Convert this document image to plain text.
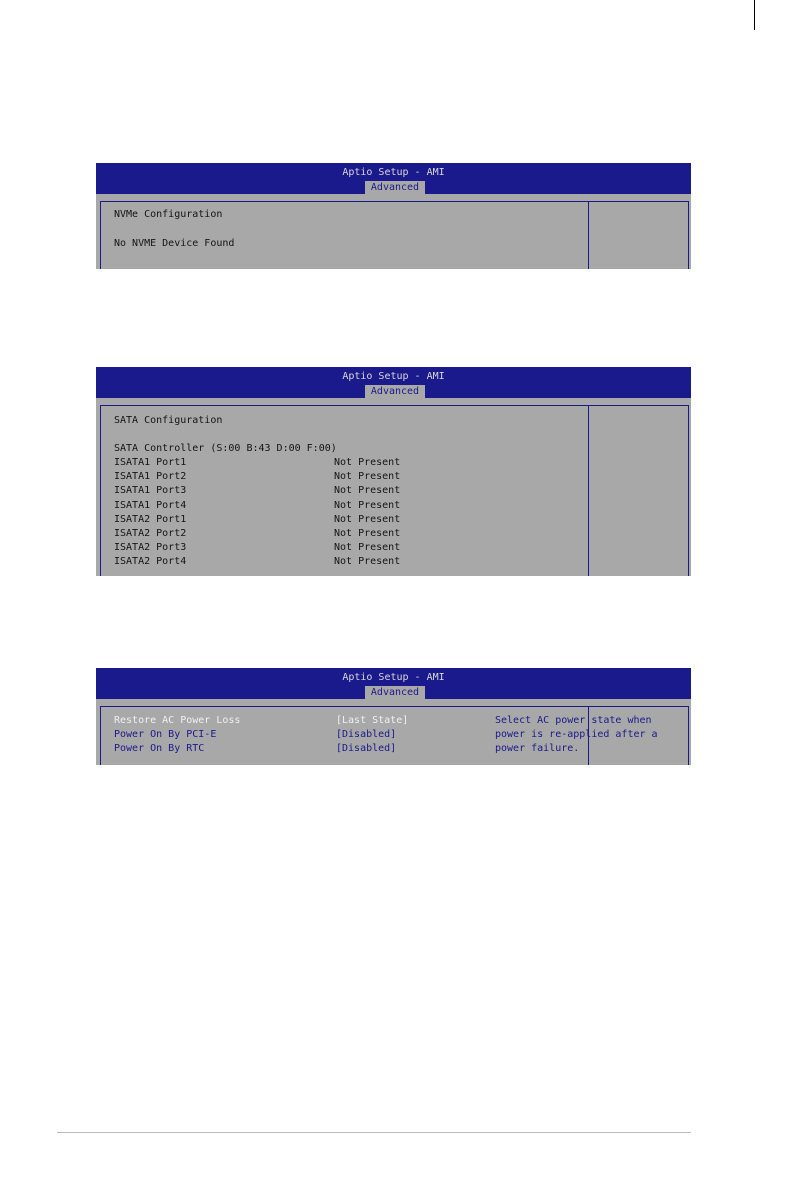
Aptio Setup - AMI
Advanced
NVMe Configuration
No NVME Device Found
Aptio Setup - AMI
Advanced
SATA Configuration
SATA Controller (S:00 B:43 D:00 F:00)
ISATA1 Port1	Not Present
ISATA1 Port2	Not Present
ISATA1 Port3	Not Present
ISATA1 Port4	Not Present
ISATA2 Port1	Not Present
ISATA2 Port2	Not Present
ISATA2 Port3	Not Present
ISATA2 Port4	Not Present
Aptio Setup - AMI
Advanced
Restore AC Power Loss	[Last State]
Power On By PCI-E	[Disabled]
Power On By RTC	[Disabled]
Select AC power state when
power is re-applied after a
power failure.
